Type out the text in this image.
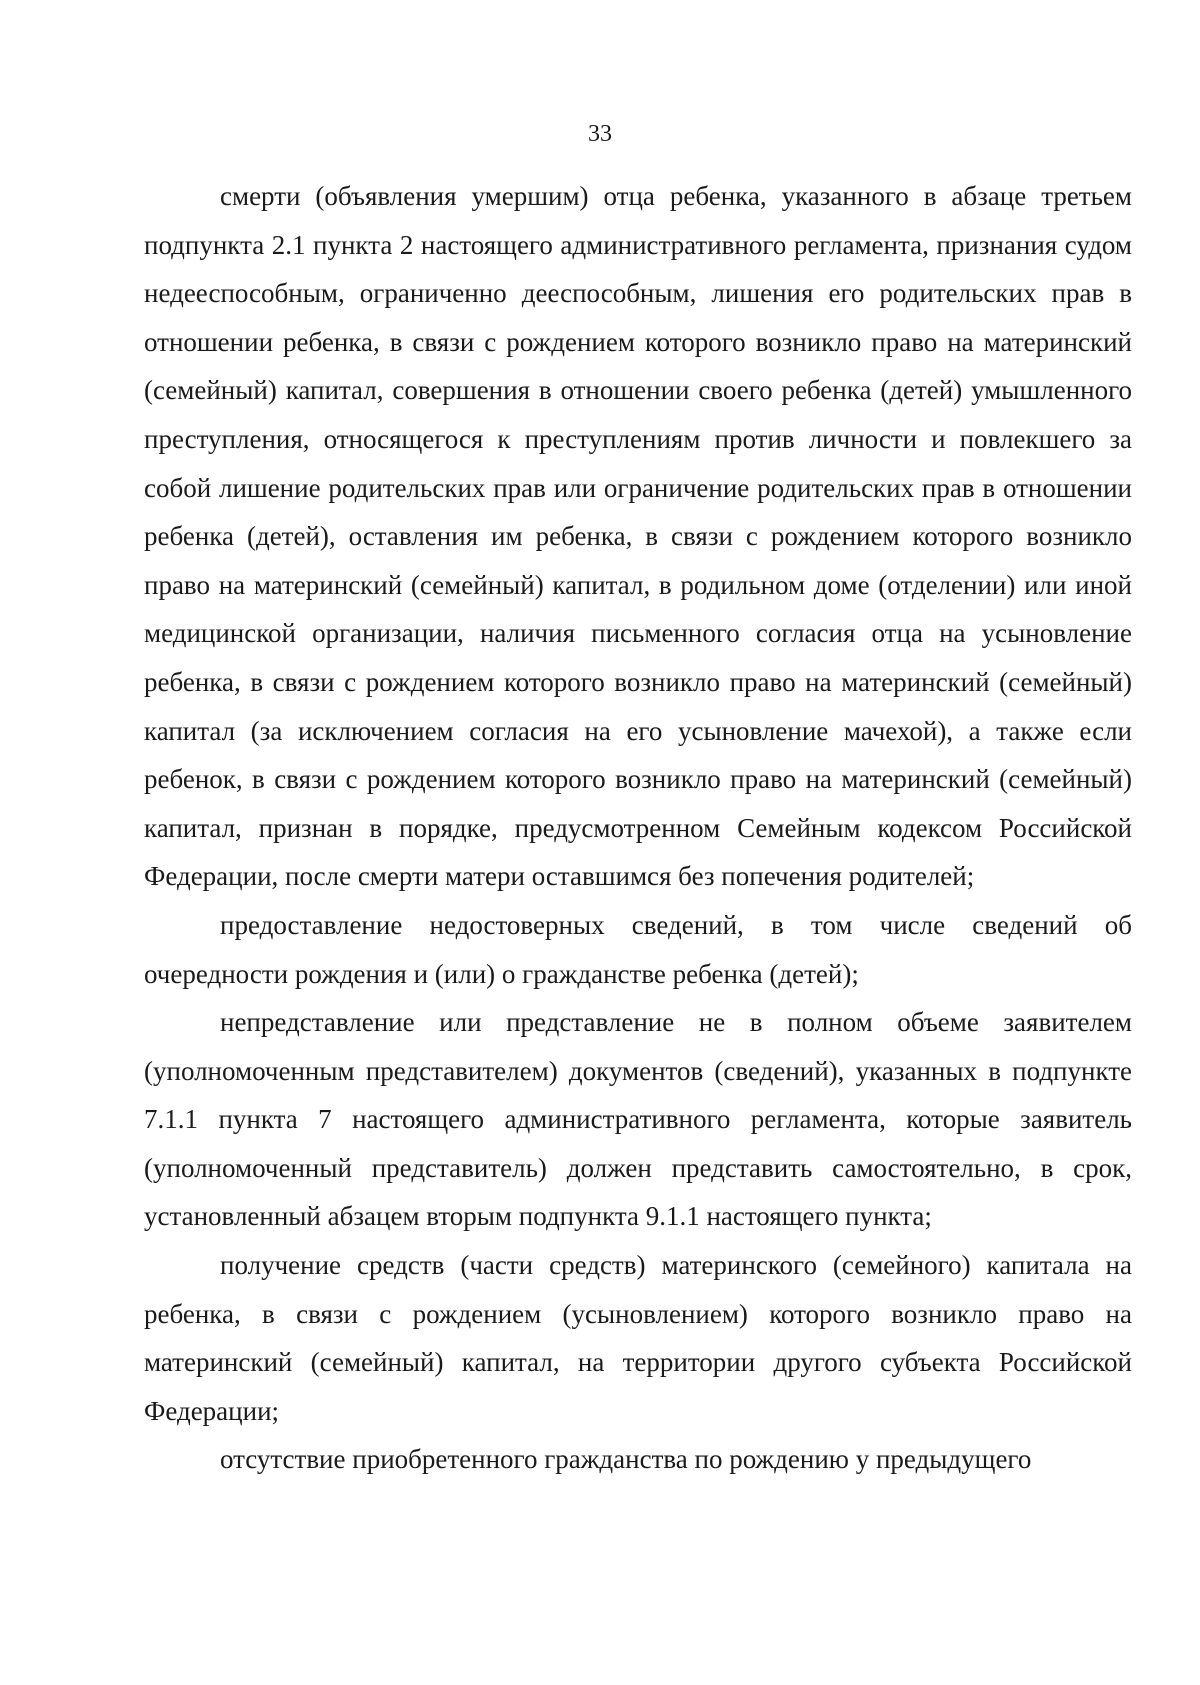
33

смерти (объявления умершим) отца ребенка, указанного в абзаце третьем подпункта 2.1 пункта 2 настоящего административного регламента, признания судом недееспособным, ограниченно дееспособным, лишения его родительских прав в отношении ребенка, в связи с рождением которого возникло право на материнский (семейный) капитал, совершения в отношении своего ребенка (детей) умышленного преступления, относящегося к преступлениям против личности и повлекшего за собой лишение родительских прав или ограничение родительских прав в отношении ребенка (детей), оставления им ребенка, в связи с рождением которого возникло право на материнский (семейный) капитал, в родильном доме (отделении) или иной медицинской организации, наличия письменного согласия отца на усыновление ребенка, в связи с рождением которого возникло право на материнский (семейный) капитал (за исключением согласия на его усыновление мачехой), а также если ребенок, в связи с рождением которого возникло право на материнский (семейный) капитал, признан в порядке, предусмотренном Семейным кодексом Российской Федерации, после смерти матери оставшимся без попечения родителей;

предоставление недостоверных сведений, в том числе сведений об очередности рождения и (или) о гражданстве ребенка (детей);

непредставление или представление не в полном объеме заявителем (уполномоченным представителем) документов (сведений), указанных в подпункте 7.1.1 пункта 7 настоящего административного регламента, которые заявитель (уполномоченный представитель) должен представить самостоятельно, в срок, установленный абзацем вторым подпункта 9.1.1 настоящего пункта;

получение средств (части средств) материнского (семейного) капитала на ребенка, в связи с рождением (усыновлением) которого возникло право на материнский (семейный) капитал, на территории другого субъекта Российской Федерации;

отсутствие приобретенного гражданства по рождению у предыдущего
